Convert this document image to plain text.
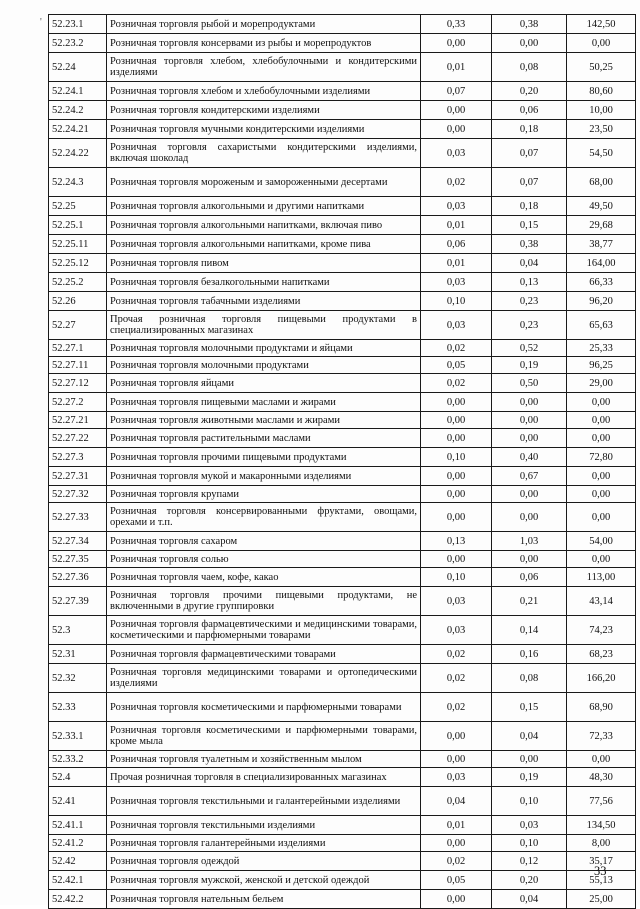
' 52.23.1	Розничная торговля рыбой и морепродуктами	0,33	0,38	142,50
52.23.2	Розничная торговля консервами из рыбы и морепродуктов	0,00	0,00	0,00
52.24	Розничная торговля хлебом, хлебобулочными и кондитерскими изделиями	0,01	0,08	50,25
52.24.1	Розничная торговля хлебом и хлебобулочными изделиями	0,07	0,20	80,60
52.24.2	Розничная торговля кондитерскими изделиями	0,00	0,06	10,00
52.24.21	Розничная торговля мучными кондитерскими изделиями	0,00	0,18	23,50
52.24.22	Розничная торговля сахаристыми кондитерскими изделиями, включая шоколад	0,03	0,07	54,50
52.24.3	Розничная торговля мороженым и замороженными десертами	0,02	0,07	68,00
52.25	Розничная торговля алкогольными и другими напитками	0,03	0,18	49,50
52.25.1	Розничная торговля алкогольными напитками, включая пиво	0,01	0,15	29,68
52.25.11	Розничная торговля алкогольными напитками, кроме пива	0,06	0,38	38,77
52.25.12	Розничная торговля пивом	0,01	0,04	164,00
52.25.2	Розничная торговля безалкогольными напитками	0,03	0,13	66,33
52.26	Розничная торговля табачными изделиями	0,10	0,23	96,20
52.27	Прочая розничная торговля пищевыми продуктами в специализированных магазинах	0,03	0,23	65,63
52.27.1	Розничная торговля молочными продуктами и яйцами	0,02	0,52	25,33
52.27.11	Розничная торговля молочными продуктами	0,05	0,19	96,25
52.27.12	Розничная торговля яйцами	0,02	0,50	29,00
52.27.2	Розничная торговля пищевыми маслами и жирами	0,00	0,00	0,00
52.27.21	Розничная торговля животными маслами и жирами	0,00	0,00	0,00
52.27.22	Розничная торговля растительными маслами	0,00	0,00	0,00
52.27.3	Розничная торговля прочими пищевыми продуктами	0,10	0,40	72,80
52.27.31	Розничная торговля мукой и макаронными изделиями	0,00	0,67	0,00
52.27.32	Розничная торговля крупами	0,00	0,00	0,00
52.27.33	Розничная торговля консервированными фруктами, овощами, орехами и т.п.	0,00	0,00	0,00
52.27.34	Розничная торговля сахаром	0,13	1,03	54,00
52.27.35	Розничная торговля солью	0,00	0,00	0,00
52.27.36	Розничная торговля чаем, кофе, какао	0,10	0,06	113,00
52.27.39	Розничная торговля прочими пищевыми продуктами, не включенными в другие группировки	0,03	0,21	43,14
52.3	Розничная торговля фармацевтическими и медицинскими товарами, косметическими и парфюмерными товарами	0,03	0,14	74,23
52.31	Розничная торговля фармацевтическими товарами	0,02	0,16	68,23
52.32	Розничная торговля медицинскими товарами и ортопедическими изделиями	0,02	0,08	166,20
52.33	Розничная торговля косметическими и парфюмерными товарами	0,02	0,15	68,90
52.33.1	Розничная торговля косметическими и парфюмерными товарами, кроме мыла	0,00	0,04	72,33
52.33.2	Розничная торговля туалетным и хозяйственным мылом	0,00	0,00	0,00
52.4	Прочая розничная торговля в специализированных магазинах	0,03	0,19	48,30
52.41	Розничная торговля текстильными и галантерейными изделиями	0,04	0,10	77,56
52.41.1	Розничная торговля текстильными изделиями	0,01	0,03	134,50
52.41.2	Розничная торговля галантерейными изделиями	0,00	0,10	8,00
52.42	Розничная торговля одеждой	0,02	0,12	35,17
52.42.1	Розничная торговля мужской, женской и детской одеждой	0,05	0,20	55,13
52.42.2	Розничная торговля нательным бельем	0,00	0,04	25,00
33
